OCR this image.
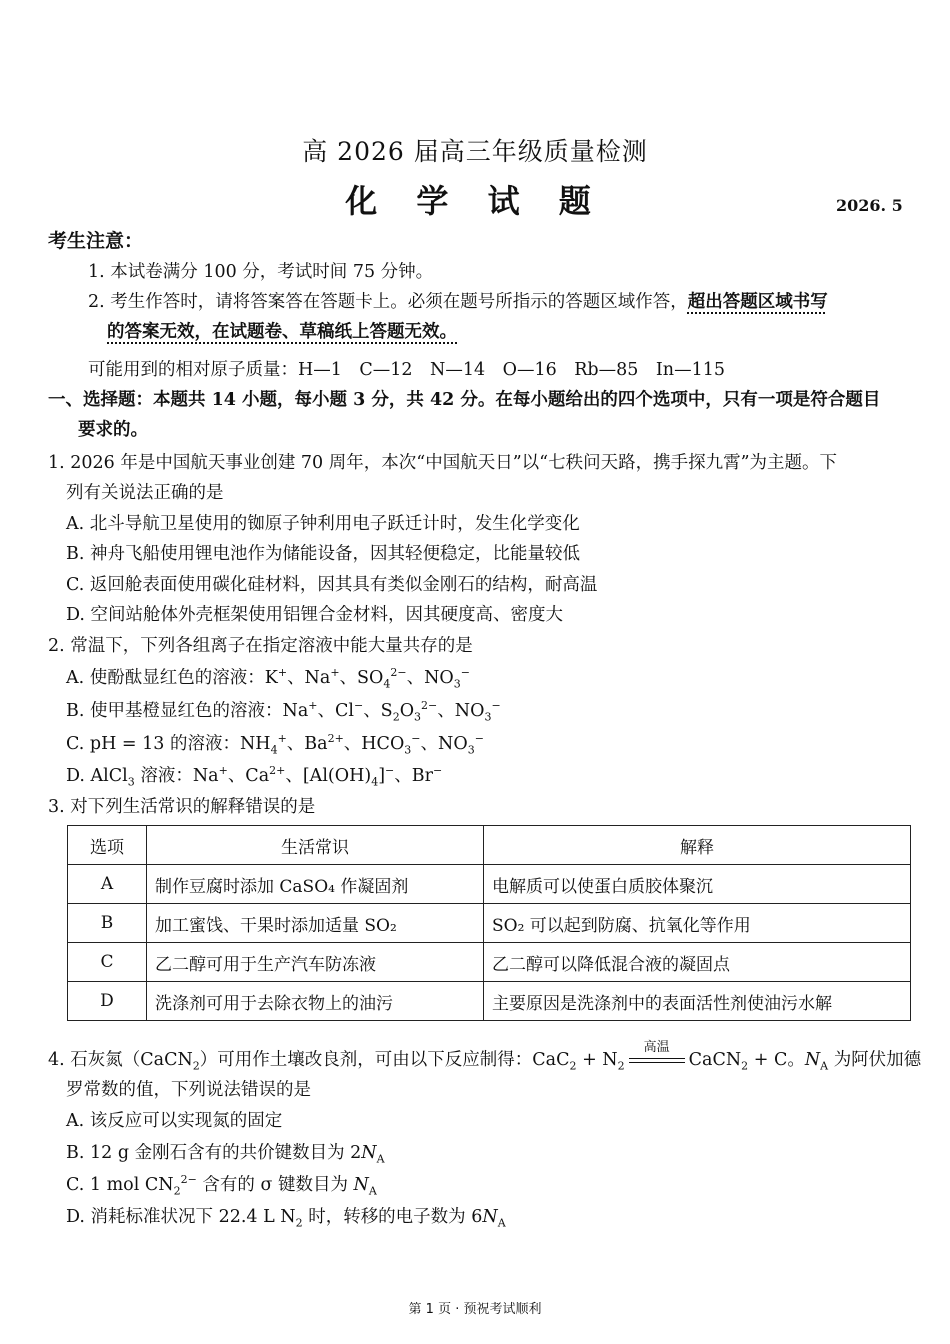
高 2026 届高三年级质量检测
化 学 试 题	2026. 5
考生注意：
1. 本试卷满分 100 分，考试时间 75 分钟。
2. 考生作答时，请将答案答在答题卡上。必须在题号所指示的答题区域作答，超出答题区域书写
的答案无效，在试题卷、草稿纸上答题无效。
可能用到的相对原子质量：H—1　C—12　N—14　O—16　Rb—85　In—115
一、选择题：本题共 14 小题，每小题 3 分，共 42 分。在每小题给出的四个选项中，只有一项是符合题目
要求的。
1. 2026 年是中国航天事业创建 70 周年，本次“中国航天日”以“七秩问天路，携手探九霄”为主题。下
列有关说法正确的是
A. 北斗导航卫星使用的铷原子钟利用电子跃迁计时，发生化学变化
B. 神舟飞船使用锂电池作为储能设备，因其轻便稳定，比能量较低
C. 返回舱表面使用碳化硅材料，因其具有类似金刚石的结构，耐高温
D. 空间站舱体外壳框架使用铝锂合金材料，因其硬度高、密度大
2. 常温下，下列各组离子在指定溶液中能大量共存的是
A. 使酚酞显红色的溶液：K+、Na+、$SO_4^{2-}$、$NO_3^-$
B. 使甲基橙显红色的溶液：Na+、Cl−、$S_2O_3^{2-}$、$NO_3^-$
C. pH = 13 的溶液：$NH_4^+$、$Ba^{2+}$、$HCO_3^-$、$NO_3^-$
D. AlCl$_3$ 溶液：Na+、$Ca^{2+}$、$[Al(OH)_4]^-$、Br−
3. 对下列生活常识的解释错误的是
选项	生活常识	解释
A	制作豆腐时添加 CaSO₄ 作凝固剂	电解质可以使蛋白质胶体聚沉
B	加工蜜饯、干果时添加适量 SO₂	SO₂ 可以起到防腐、抗氧化等作用
C	乙二醇可用于生产汽车防冻液	乙二醇可以降低混合液的凝固点
D	洗涤剂可用于去除衣物上的油污	主要原因是洗涤剂中的表面活性剂使油污水解
4. 石灰氮（CaCN$_2$）可用作土壤改良剂，可由以下反应制得：$CaC_2 + N_2$
高温
CaCN$_2$ + C。$N_A$ 为阿伏加德
罗常数的值，下列说法错误的是
A. 该反应可以实现氮的固定
B. 12 g 金刚石含有的共价键数目为 $2N_A$
C. 1 mol $CN_2^{2-}$ 含有的 σ 键数目为 $N_A$
D. 消耗标准状况下 22.4 L $N_2$ 时，转移的电子数为 $6N_A$
第 1 页 · 预祝考试顺利
